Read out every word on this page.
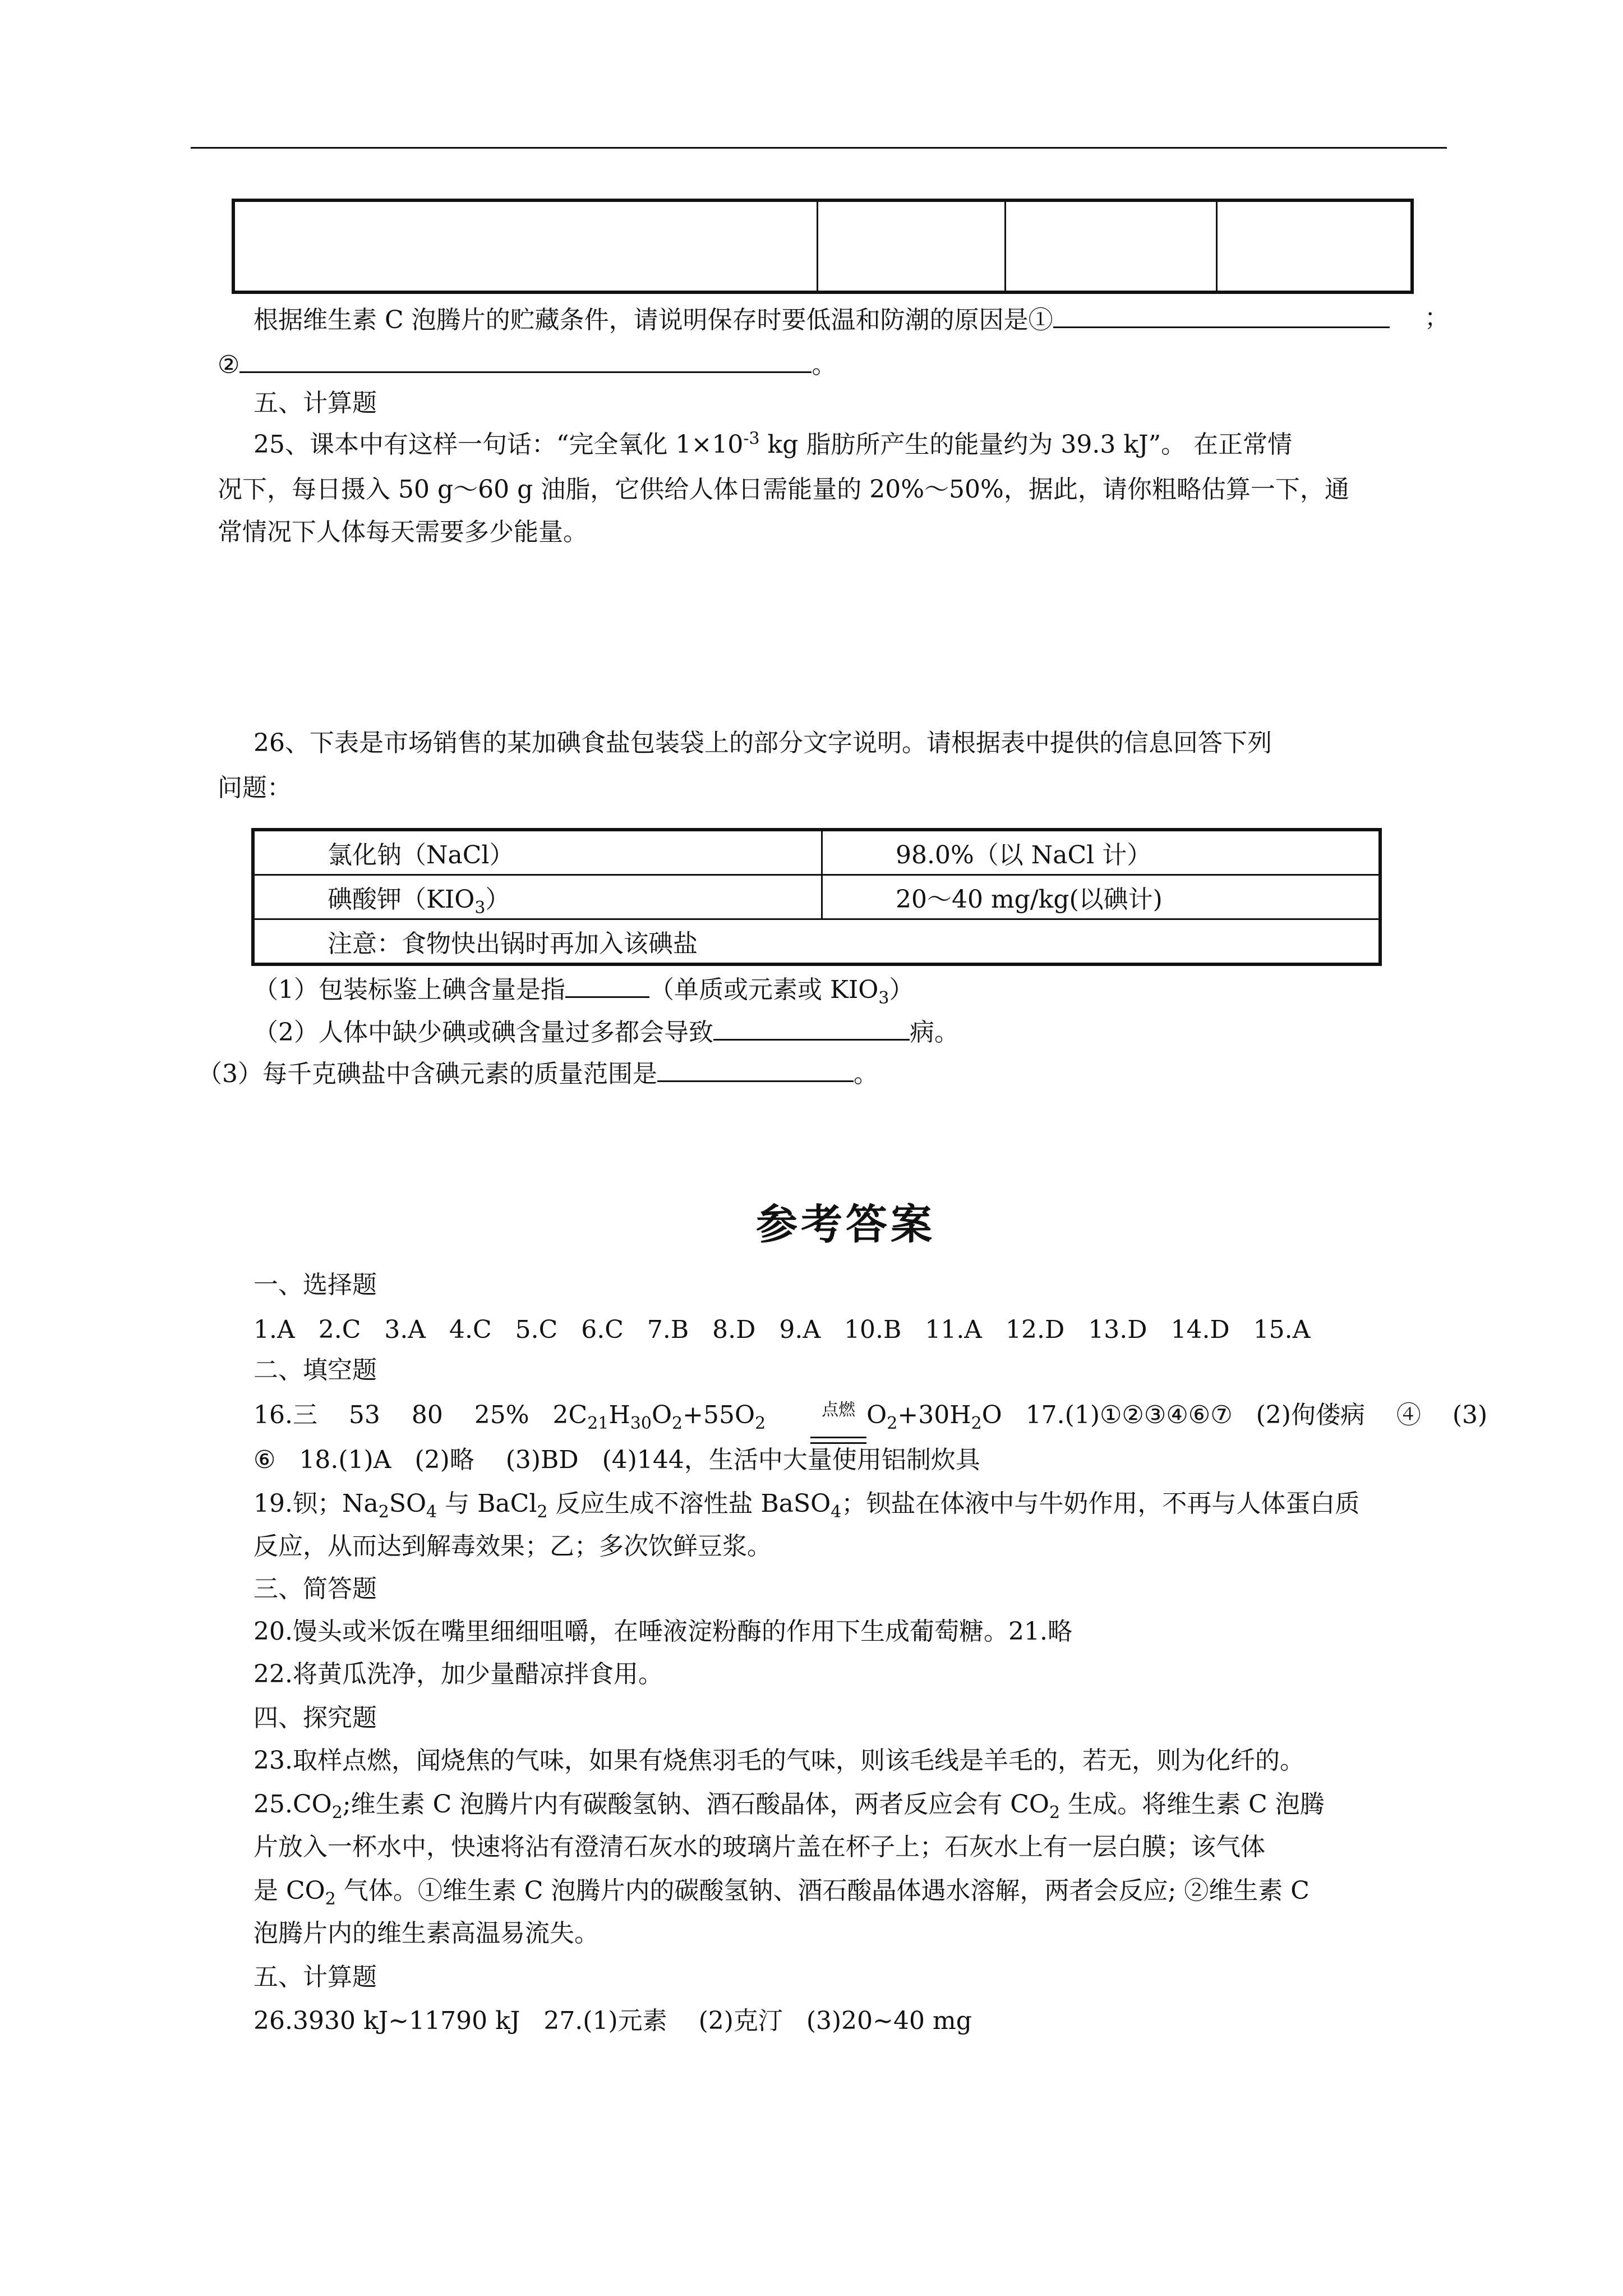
根据维生素 C 泡腾片的贮藏条件，请说明保存时要低温和防潮的原因是①	；
②	。
五、计算题
25、课本中有这样一句话：“完全氧化 $1\times 10^{-3}$ kg 脂肪所产生的能量约为 39.3 kJ”。 在正常情
况下，每日摄入 50 g～60 g 油脂，它供给人体日需能量的 20%～50%，据此，请你粗略估算一下，通
常情况下人体每天需要多少能量。
26、下表是市场销售的某加碘食盐包装袋上的部分文字说明。请根据表中提供的信息回答下列
问题：
氯化钠（NaCl）	98.0%（以 NaCl 计）
碘酸钾$(KIO_3)$	20～40 mg/kg(以碘计)
注意：食物快出锅时再加入该碘盐	
（1）包装标鉴上碘含量是指	（单质或元素或 $KIO_3$）
（2）人体中缺少碘或碘含量过多都会导致	病。
（3）每千克碘盐中含碘元素的质量范围是	。
参考答案
一、选择题
1.A   2.C   3.A   4.C   5.C   6.C   7.B   8.D   9.A   10.B   11.A   12.D   13.D   14.D   15.A
二、填空题
16.三    53    80    25%   $2C_{21}H_{30}O_2+55O_2$
点燃 $O_2+30H_2O$   17.(1)①②③④⑥⑦   (2)佝偻病    ④    (3)
⑥   18.(1)A   (2)略    (3)BD   (4)144，生活中大量使用铝制炊具
19.钡；$Na_2SO_4$ 与 BaCl$_2$ 反应生成不溶性盐 BaSO$_4$；钡盐在体液中与牛奶作用，不再与人体蛋白质
反应，从而达到解毒效果；乙；多次饮鲜豆浆。
三、简答题
20.馒头或米饭在嘴里细细咀嚼，在唾液淀粉酶的作用下生成葡萄糖。21.略
22.将黄瓜洗净，加少量醋凉拌食用。
四、探究题
23.取样点燃，闻烧焦的气味，如果有烧焦羽毛的气味，则该毛线是羊毛的，若无，则为化纤的。
$25.CO_2$;维生素 C 泡腾片内有碳酸氢钠、酒石酸晶体，两者反应会有 $CO_2$ 生成。将维生素 C 泡腾
片放入一杯水中，快速将沾有澄清石灰水的玻璃片盖在杯子上；石灰水上有一层白膜；该气体
是 $CO_2$ 气体。①维生素 C 泡腾片内的碳酸氢钠、酒石酸晶体遇水溶解，两者会反应; ②维生素 C
泡腾片内的维生素高温易流失。
五、计算题
26.3930 kJ~11790 kJ   27.(1)元素    (2)克汀   (3)20~40 mg
